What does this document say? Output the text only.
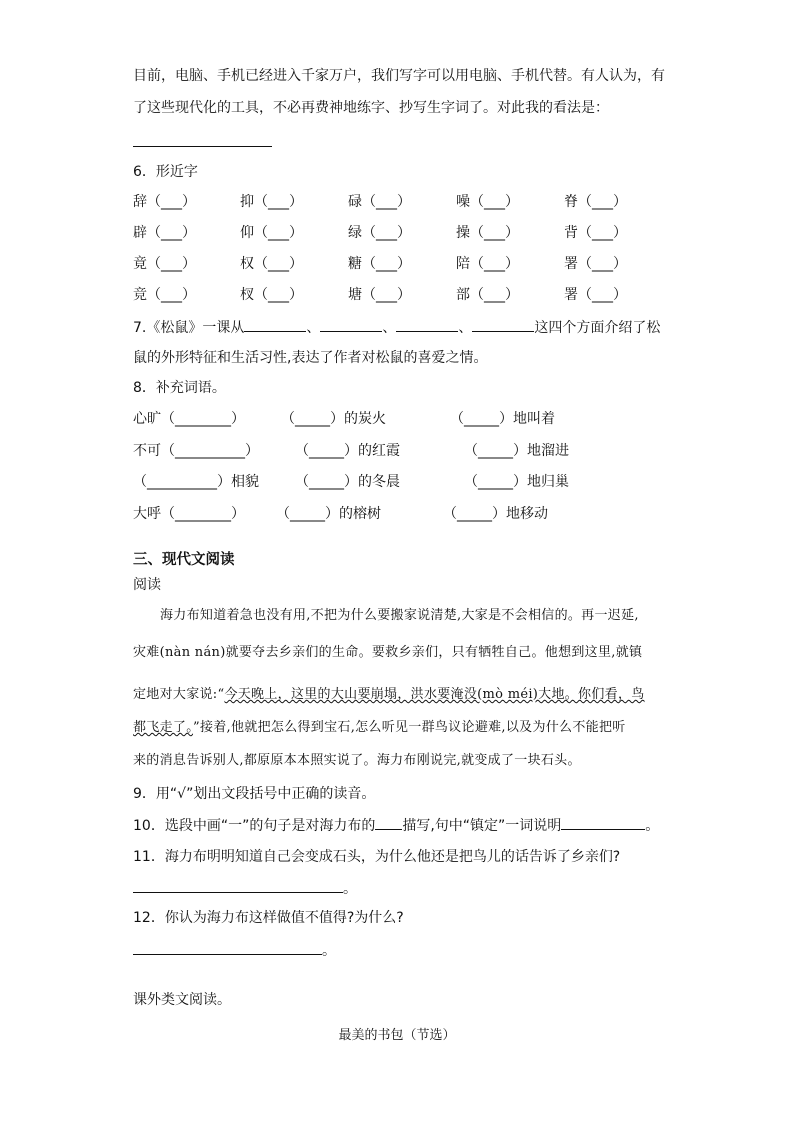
目前，电脑、手机已经进入千家万户，我们写字可以用电脑、手机代替。有人认为，有
了这些现代化的工具，不必再费神地练字、抄写生字词了。对此我的看法是：
6．形近字
辞（___）	抑（___）	碌（___）	噪（___）	脊（___）
辟（___）	仰（___）	绿（___）	操（___）	背（___）
竟（___）	权（___）	糖（___）	陪（___）	署（___）
竞（___）	杈（___）	塘（___）	部（___）	署（___）
7.《松鼠》一课从	、	、	、	这四个方面介绍了松
鼠的外形特征和生活习性,表达了作者对松鼠的喜爱之情。
8．补充词语。
心旷（________）	（_____）的炭火	（_____）地叫着
不可（__________）	（_____）的红霞	（_____）地溜进
（__________）相貌	（_____）的冬晨	（_____）地归巢
大呼（________） （_____）的榕树	（_____）地移动
三、现代文阅读
阅读
海力布知道着急也没有用,不把为什么要搬家说清楚,大家是不会相信的。再一迟延,
灾难(nàn nán)就要夺去乡亲们的生命。要救乡亲们，只有牺牲自己。他想到这里,就镇
定地对大家说:“今天晚上，这里的大山要崩塌，洪水要淹没(mò méi)大地。你们看，鸟
都飞走了。”接着,他就把怎么得到宝石,怎么听见一群鸟议论避难,以及为什么不能把听
来的消息告诉别人,都原原本本照实说了。海力布刚说完,就变成了一块石头。
9．用“√”划出文段括号中正确的读音。
10．选段中画“一”的句子是对海力布的 描写,句中“镇定”一词说明	。
11．海力布明明知道自己会变成石头，为什么他还是把鸟儿的话告诉了乡亲们?
。
12．你认为海力布这样做值不值得?为什么?
。
课外类文阅读。
最美的书包（节选）
